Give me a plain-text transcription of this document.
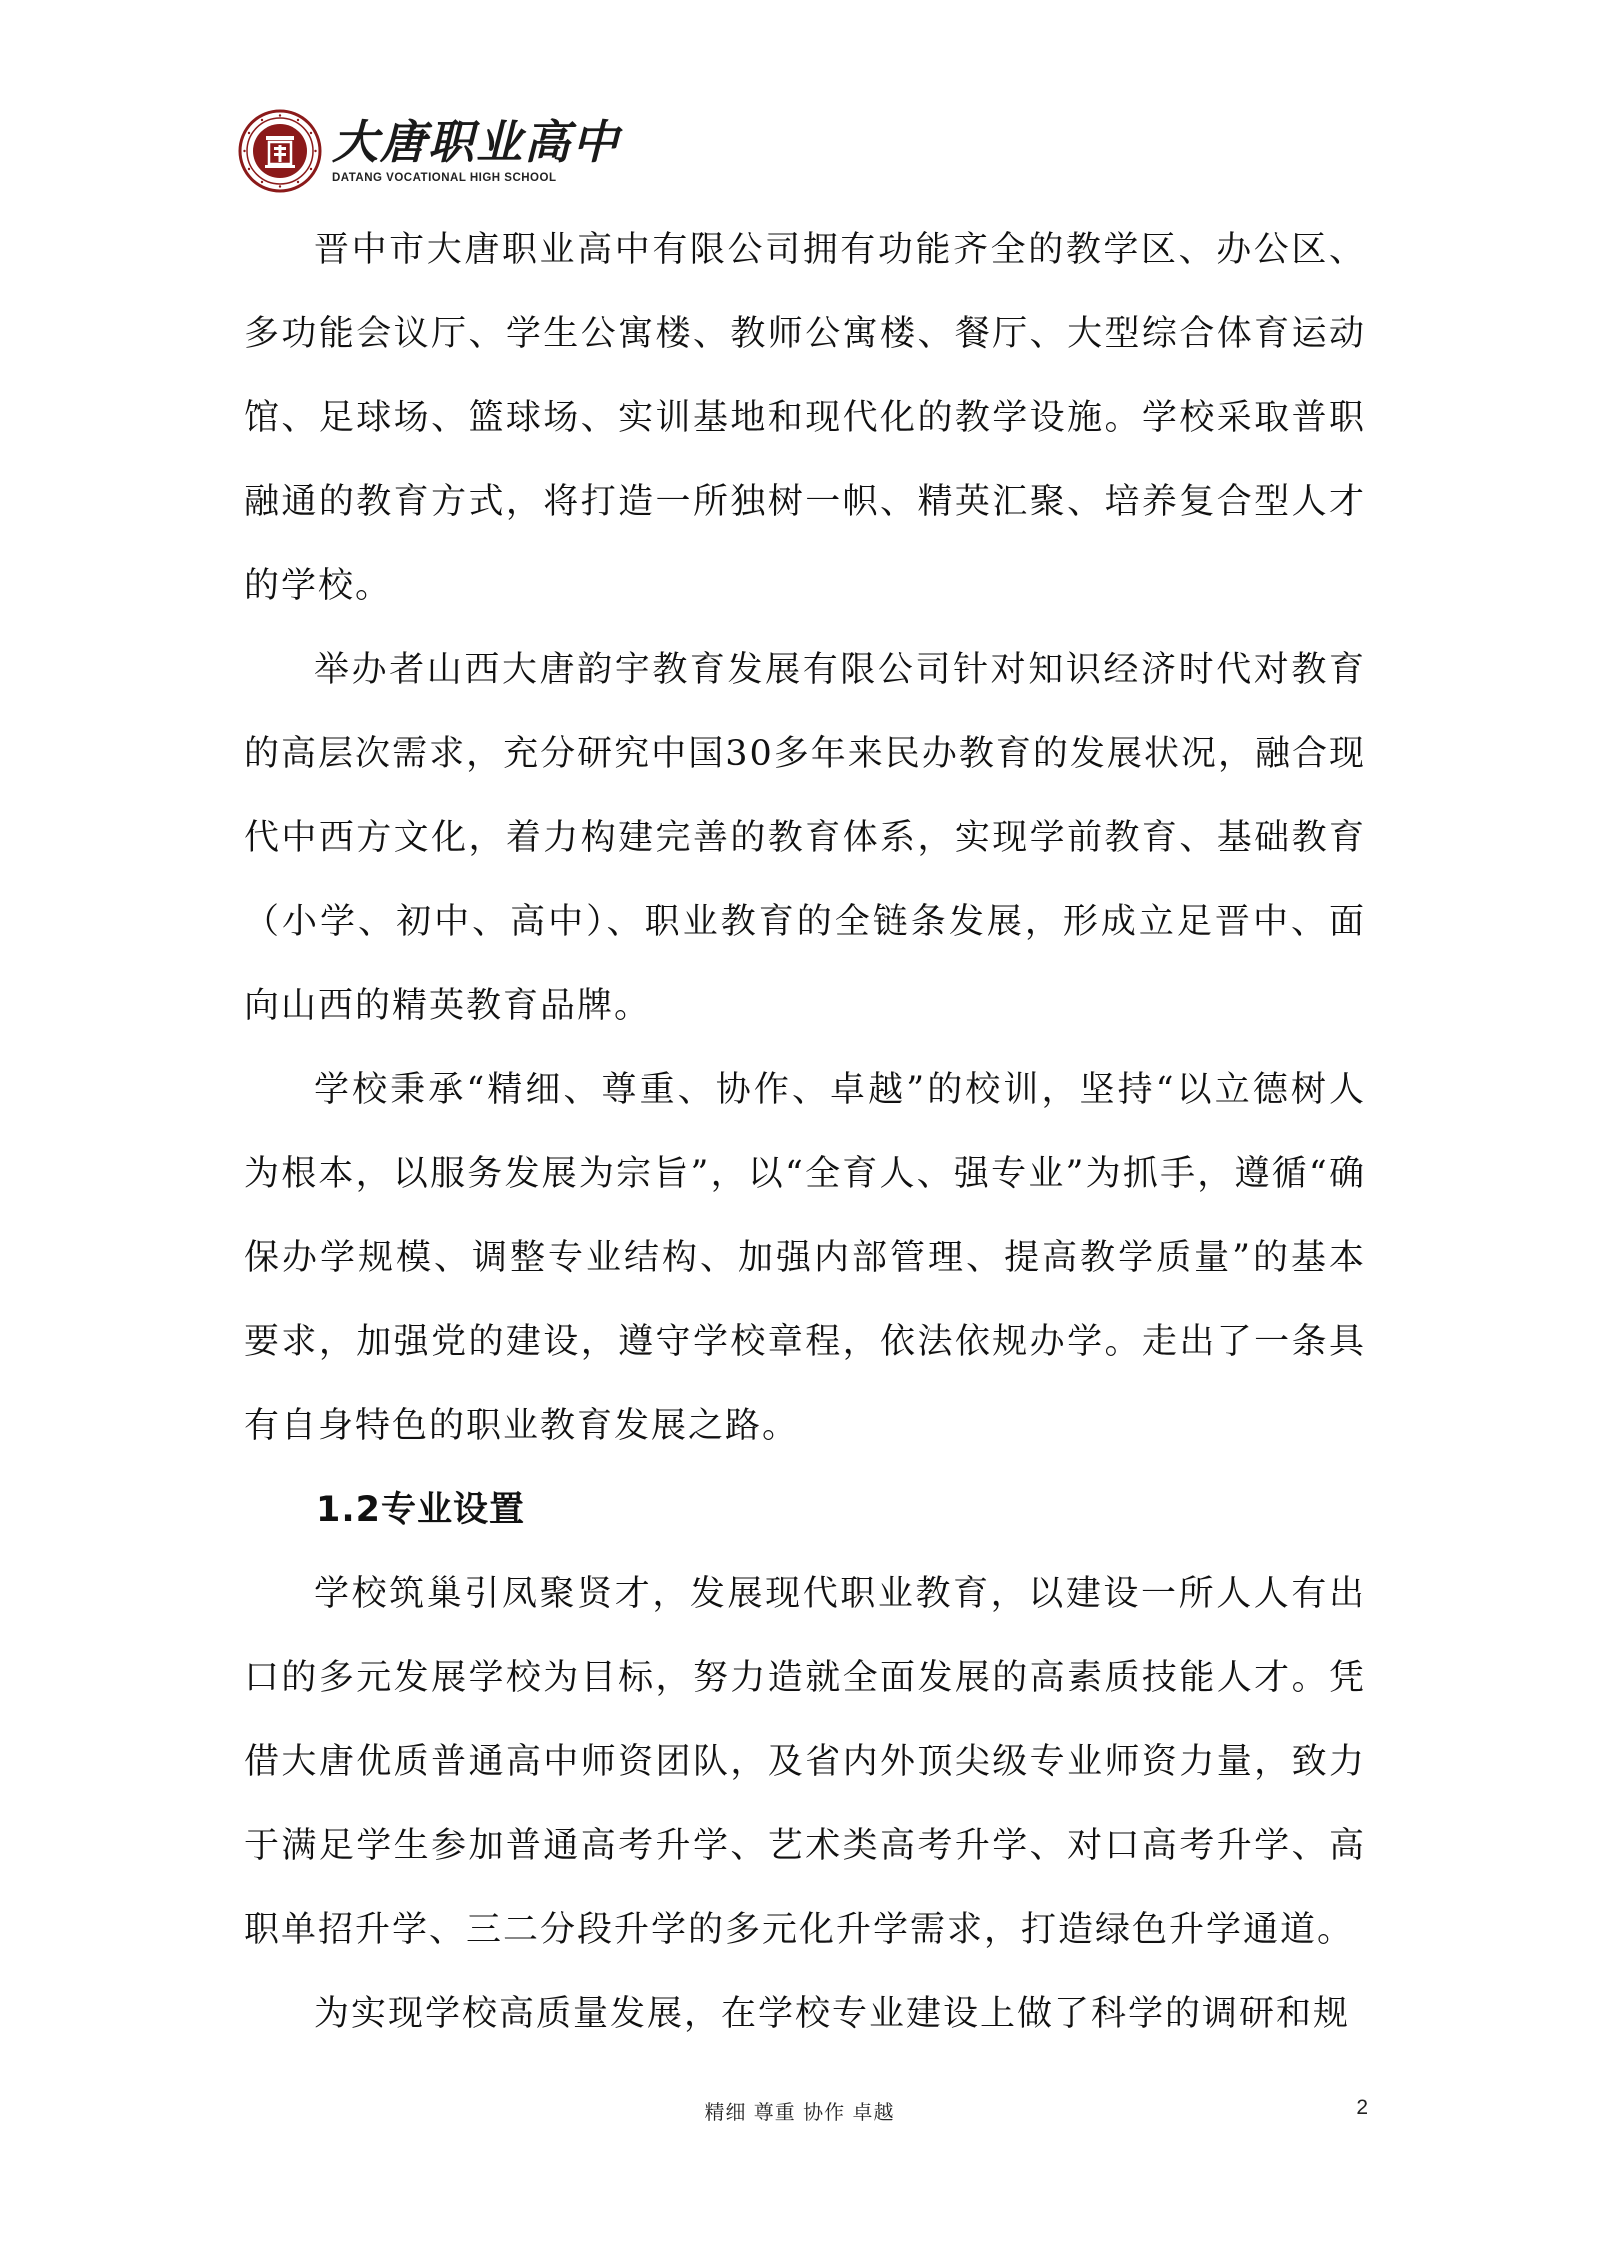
大唐职业高中
DATANG VOCATIONAL HIGH SCHOOL

晋中市大唐职业高中有限公司拥有功能齐全的教学区、办公区、多功能会议厅、学生公寓楼、教师公寓楼、餐厅、大型综合体育运动馆、足球场、篮球场、实训基地和现代化的教学设施。学校采取普职融通的教育方式，将打造一所独树一帜、精英汇聚、培养复合型人才的学校。

举办者山西大唐韵宇教育发展有限公司针对知识经济时代对教育的高层次需求，充分研究中国30多年来民办教育的发展状况，融合现代中西方文化，着力构建完善的教育体系，实现学前教育、基础教育（小学、初中、高中）、职业教育的全链条发展，形成立足晋中、面向山西的精英教育品牌。

学校秉承“精细、尊重、协作、卓越”的校训，坚持“以立德树人为根本，以服务发展为宗旨”，以“全育人、强专业”为抓手，遵循“确保办学规模、调整专业结构、加强内部管理、提高教学质量”的基本要求，加强党的建设，遵守学校章程，依法依规办学。走出了一条具有自身特色的职业教育发展之路。

1.2专业设置

学校筑巢引凤聚贤才，发展现代职业教育，以建设一所人人有出口的多元发展学校为目标，努力造就全面发展的高素质技能人才。凭借大唐优质普通高中师资团队，及省内外顶尖级专业师资力量，致力于满足学生参加普通高考升学、艺术类高考升学、对口高考升学、高职单招升学、三二分段升学的多元化升学需求，打造绿色升学通道。

为实现学校高质量发展，在学校专业建设上做了科学的调研和规

精细 尊重 协作 卓越	2
